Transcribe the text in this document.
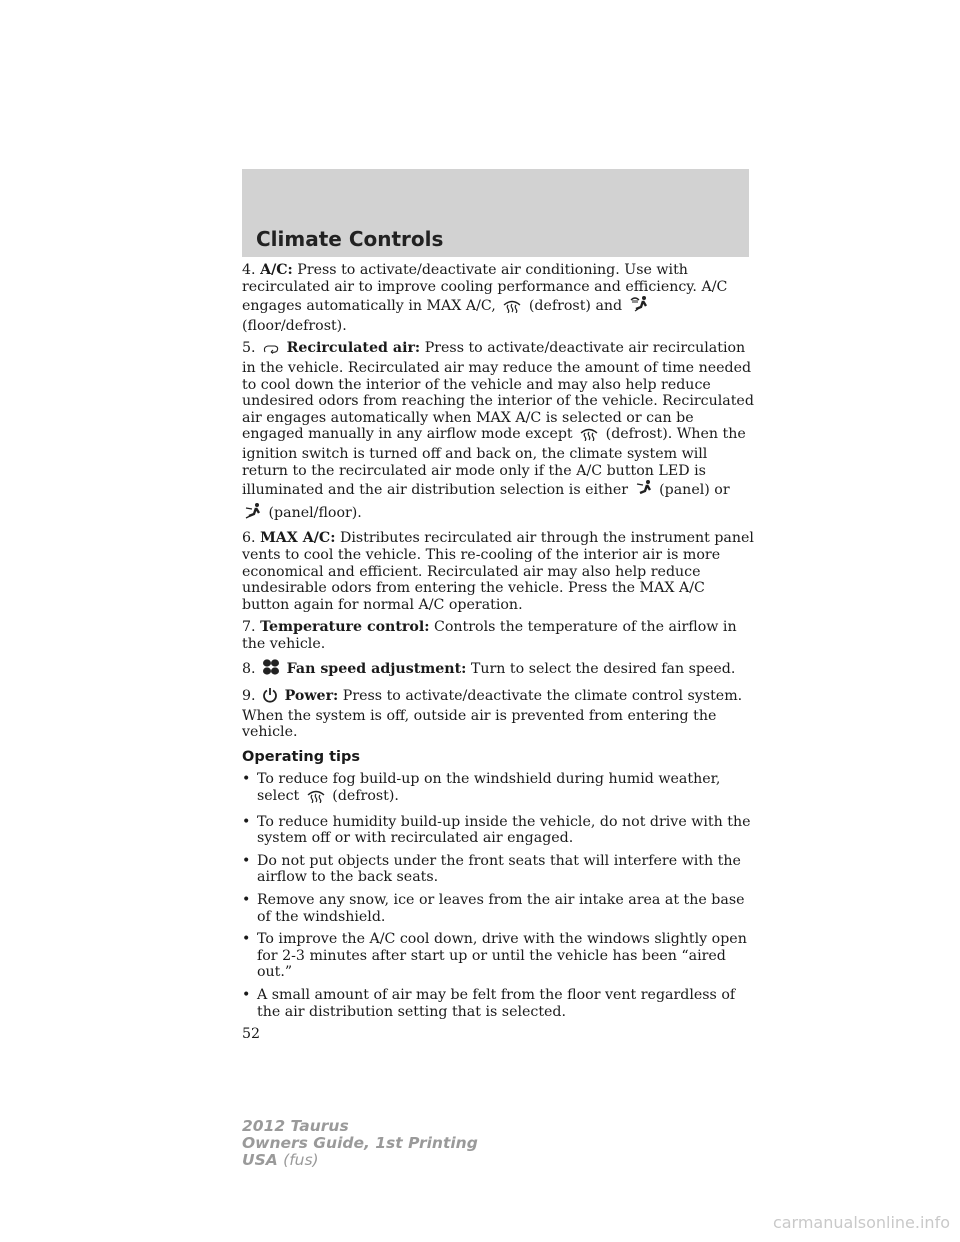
Climate Controls

4. A/C: Press to activate/deactivate air conditioning. Use with recirculated air to improve cooling performance and efficiency. A/C engages automatically in MAX A/C, (defrost) and  (floor/defrost).

5. Recirculated air: Press to activate/deactivate air recirculation in the vehicle. Recirculated air may reduce the amount of time needed to cool down the interior of the vehicle and may also help reduce undesired odors from reaching the interior of the vehicle. Recirculated air engages automatically when MAX A/C is selected or can be engaged manually in any airflow mode except (defrost). When the ignition switch is turned off and back on, the climate system will return to the recirculated air mode only if the A/C button LED is illuminated and the air distribution selection is either (panel) or  (panel/floor).

6. MAX A/C: Distributes recirculated air through the instrument panel vents to cool the vehicle. This re-cooling of the interior air is more economical and efficient. Recirculated air may also help reduce undesirable odors from entering the vehicle. Press the MAX A/C button again for normal A/C operation.

7. Temperature control: Controls the temperature of the airflow in the vehicle.

8. Fan speed adjustment: Turn to select the desired fan speed.

9. Power: Press to activate/deactivate the climate control system.
When the system is off, outside air is prevented from entering the vehicle.

Operating tips
• To reduce fog build-up on the windshield during humid weather, select (defrost).
• To reduce humidity build-up inside the vehicle, do not drive with the system off or with recirculated air engaged.
• Do not put objects under the front seats that will interfere with the airflow to the back seats.
• Remove any snow, ice or leaves from the air intake area at the base of the windshield.
• To improve the A/C cool down, drive with the windows slightly open for 2-3 minutes after start up or until the vehicle has been “aired out.”
• A small amount of air may be felt from the floor vent regardless of the air distribution setting that is selected.
52
2012 Taurus
Owners Guide, 1st Printing
USA (fus)
carmanualsonline.info
